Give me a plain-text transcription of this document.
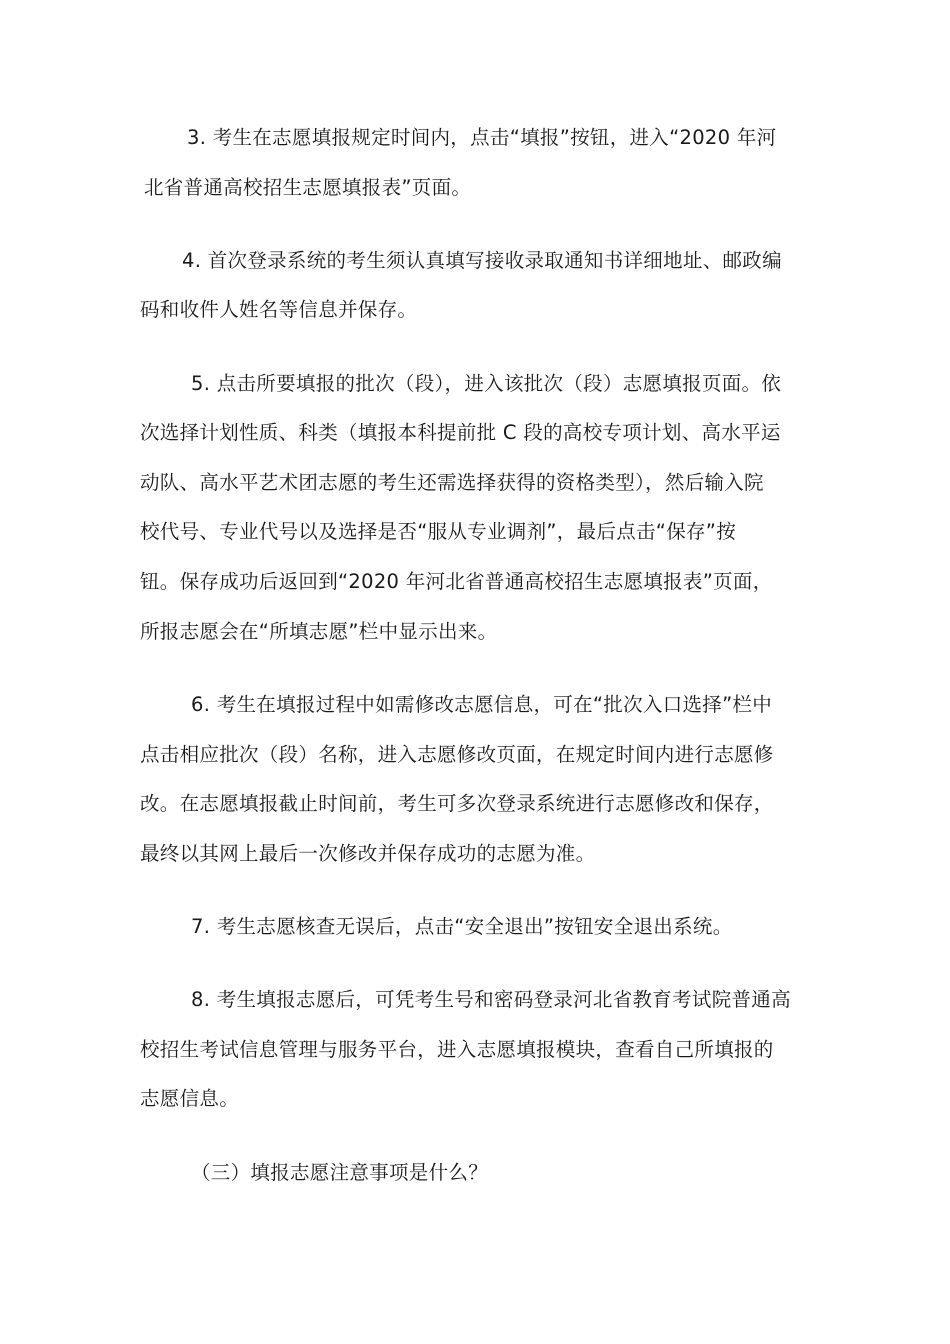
3. 考生在志愿填报规定时间内，点击“填报”按钮，进入“2020 年河
北省普通高校招生志愿填报表”页面。
4. 首次登录系统的考生须认真填写接收录取通知书详细地址、邮政编
码和收件人姓名等信息并保存。
5. 点击所要填报的批次（段），进入该批次（段）志愿填报页面。依
次选择计划性质、科类（填报本科提前批 C 段的高校专项计划、高水平运
动队、高水平艺术团志愿的考生还需选择获得的资格类型），然后输入院
校代号、专业代号以及选择是否“服从专业调剂”，最后点击“保存”按
钮。保存成功后返回到“2020 年河北省普通高校招生志愿填报表”页面，
所报志愿会在“所填志愿”栏中显示出来。
6. 考生在填报过程中如需修改志愿信息，可在“批次入口选择”栏中
点击相应批次（段）名称，进入志愿修改页面，在规定时间内进行志愿修
改。在志愿填报截止时间前，考生可多次登录系统进行志愿修改和保存，
最终以其网上最后一次修改并保存成功的志愿为准。
7. 考生志愿核查无误后，点击“安全退出”按钮安全退出系统。
8. 考生填报志愿后，可凭考生号和密码登录河北省教育考试院普通高
校招生考试信息管理与服务平台，进入志愿填报模块，查看自己所填报的
志愿信息。
（三）填报志愿注意事项是什么？
